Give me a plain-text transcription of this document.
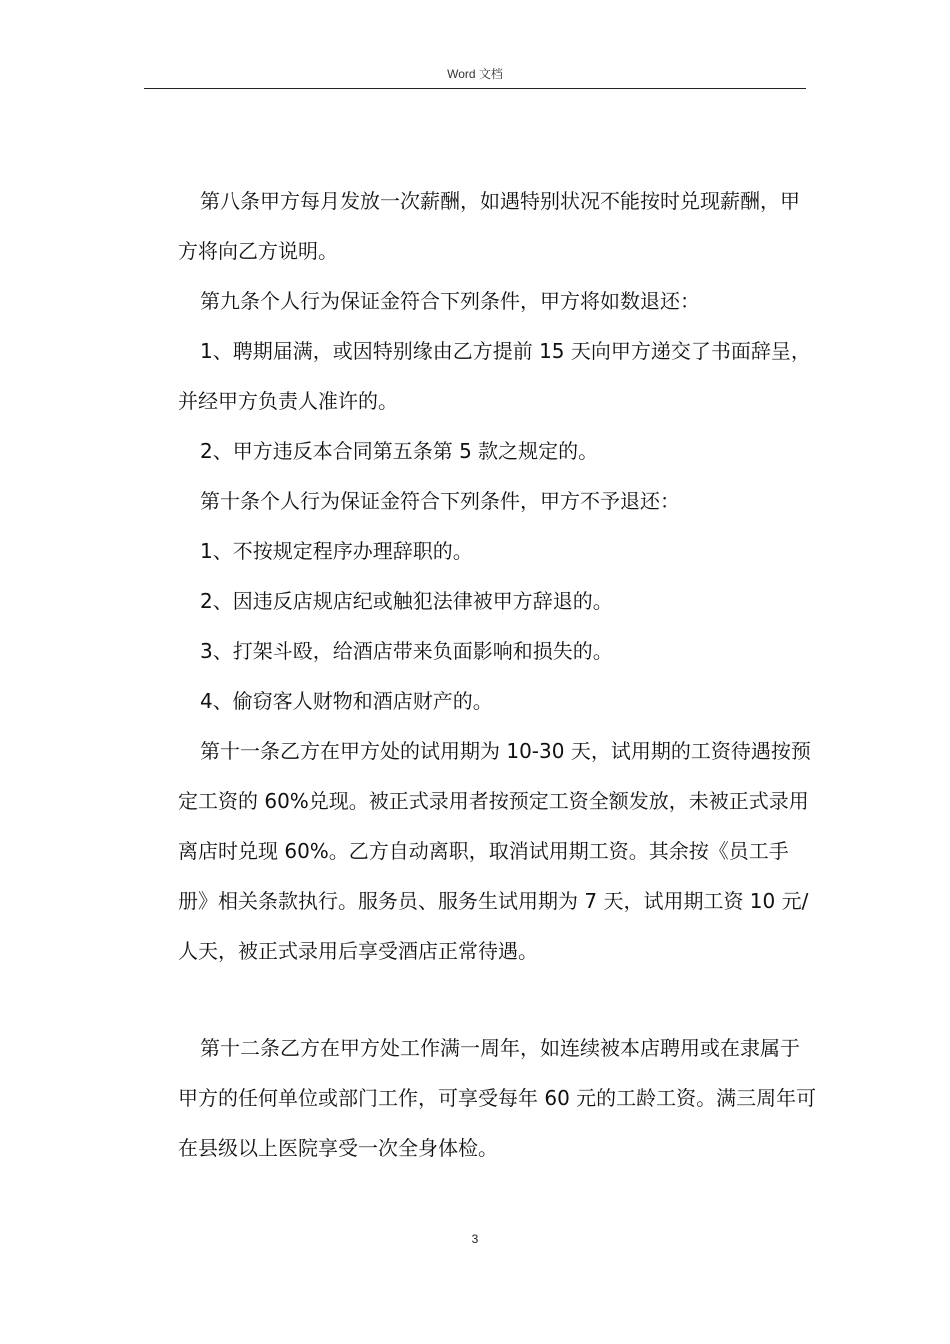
Word 文档

第八条甲方每月发放一次薪酬，如遇特别状况不能按时兑现薪酬，甲方将向乙方说明。

第九条个人行为保证金符合下列条件，甲方将如数退还：

1、聘期届满，或因特别缘由乙方提前 15 天向甲方递交了书面辞呈，并经甲方负责人准许的。

2、甲方违反本合同第五条第 5 款之规定的。

第十条个人行为保证金符合下列条件，甲方不予退还：

1、不按规定程序办理辞职的。

2、因违反店规店纪或触犯法律被甲方辞退的。

3、打架斗殴，给酒店带来负面影响和损失的。

4、偷窃客人财物和酒店财产的。

第十一条乙方在甲方处的试用期为 10-30 天，试用期的工资待遇按预定工资的 60%兑现。被正式录用者按预定工资全额发放，未被正式录用离店时兑现 60%。乙方自动离职，取消试用期工资。其余按《员工手册》相关条款执行。服务员、服务生试用期为 7 天，试用期工资 10 元/人天，被正式录用后享受酒店正常待遇。

第十二条乙方在甲方处工作满一周年，如连续被本店聘用或在隶属于甲方的任何单位或部门工作，可享受每年 60 元的工龄工资。满三周年可在县级以上医院享受一次全身体检。

3
